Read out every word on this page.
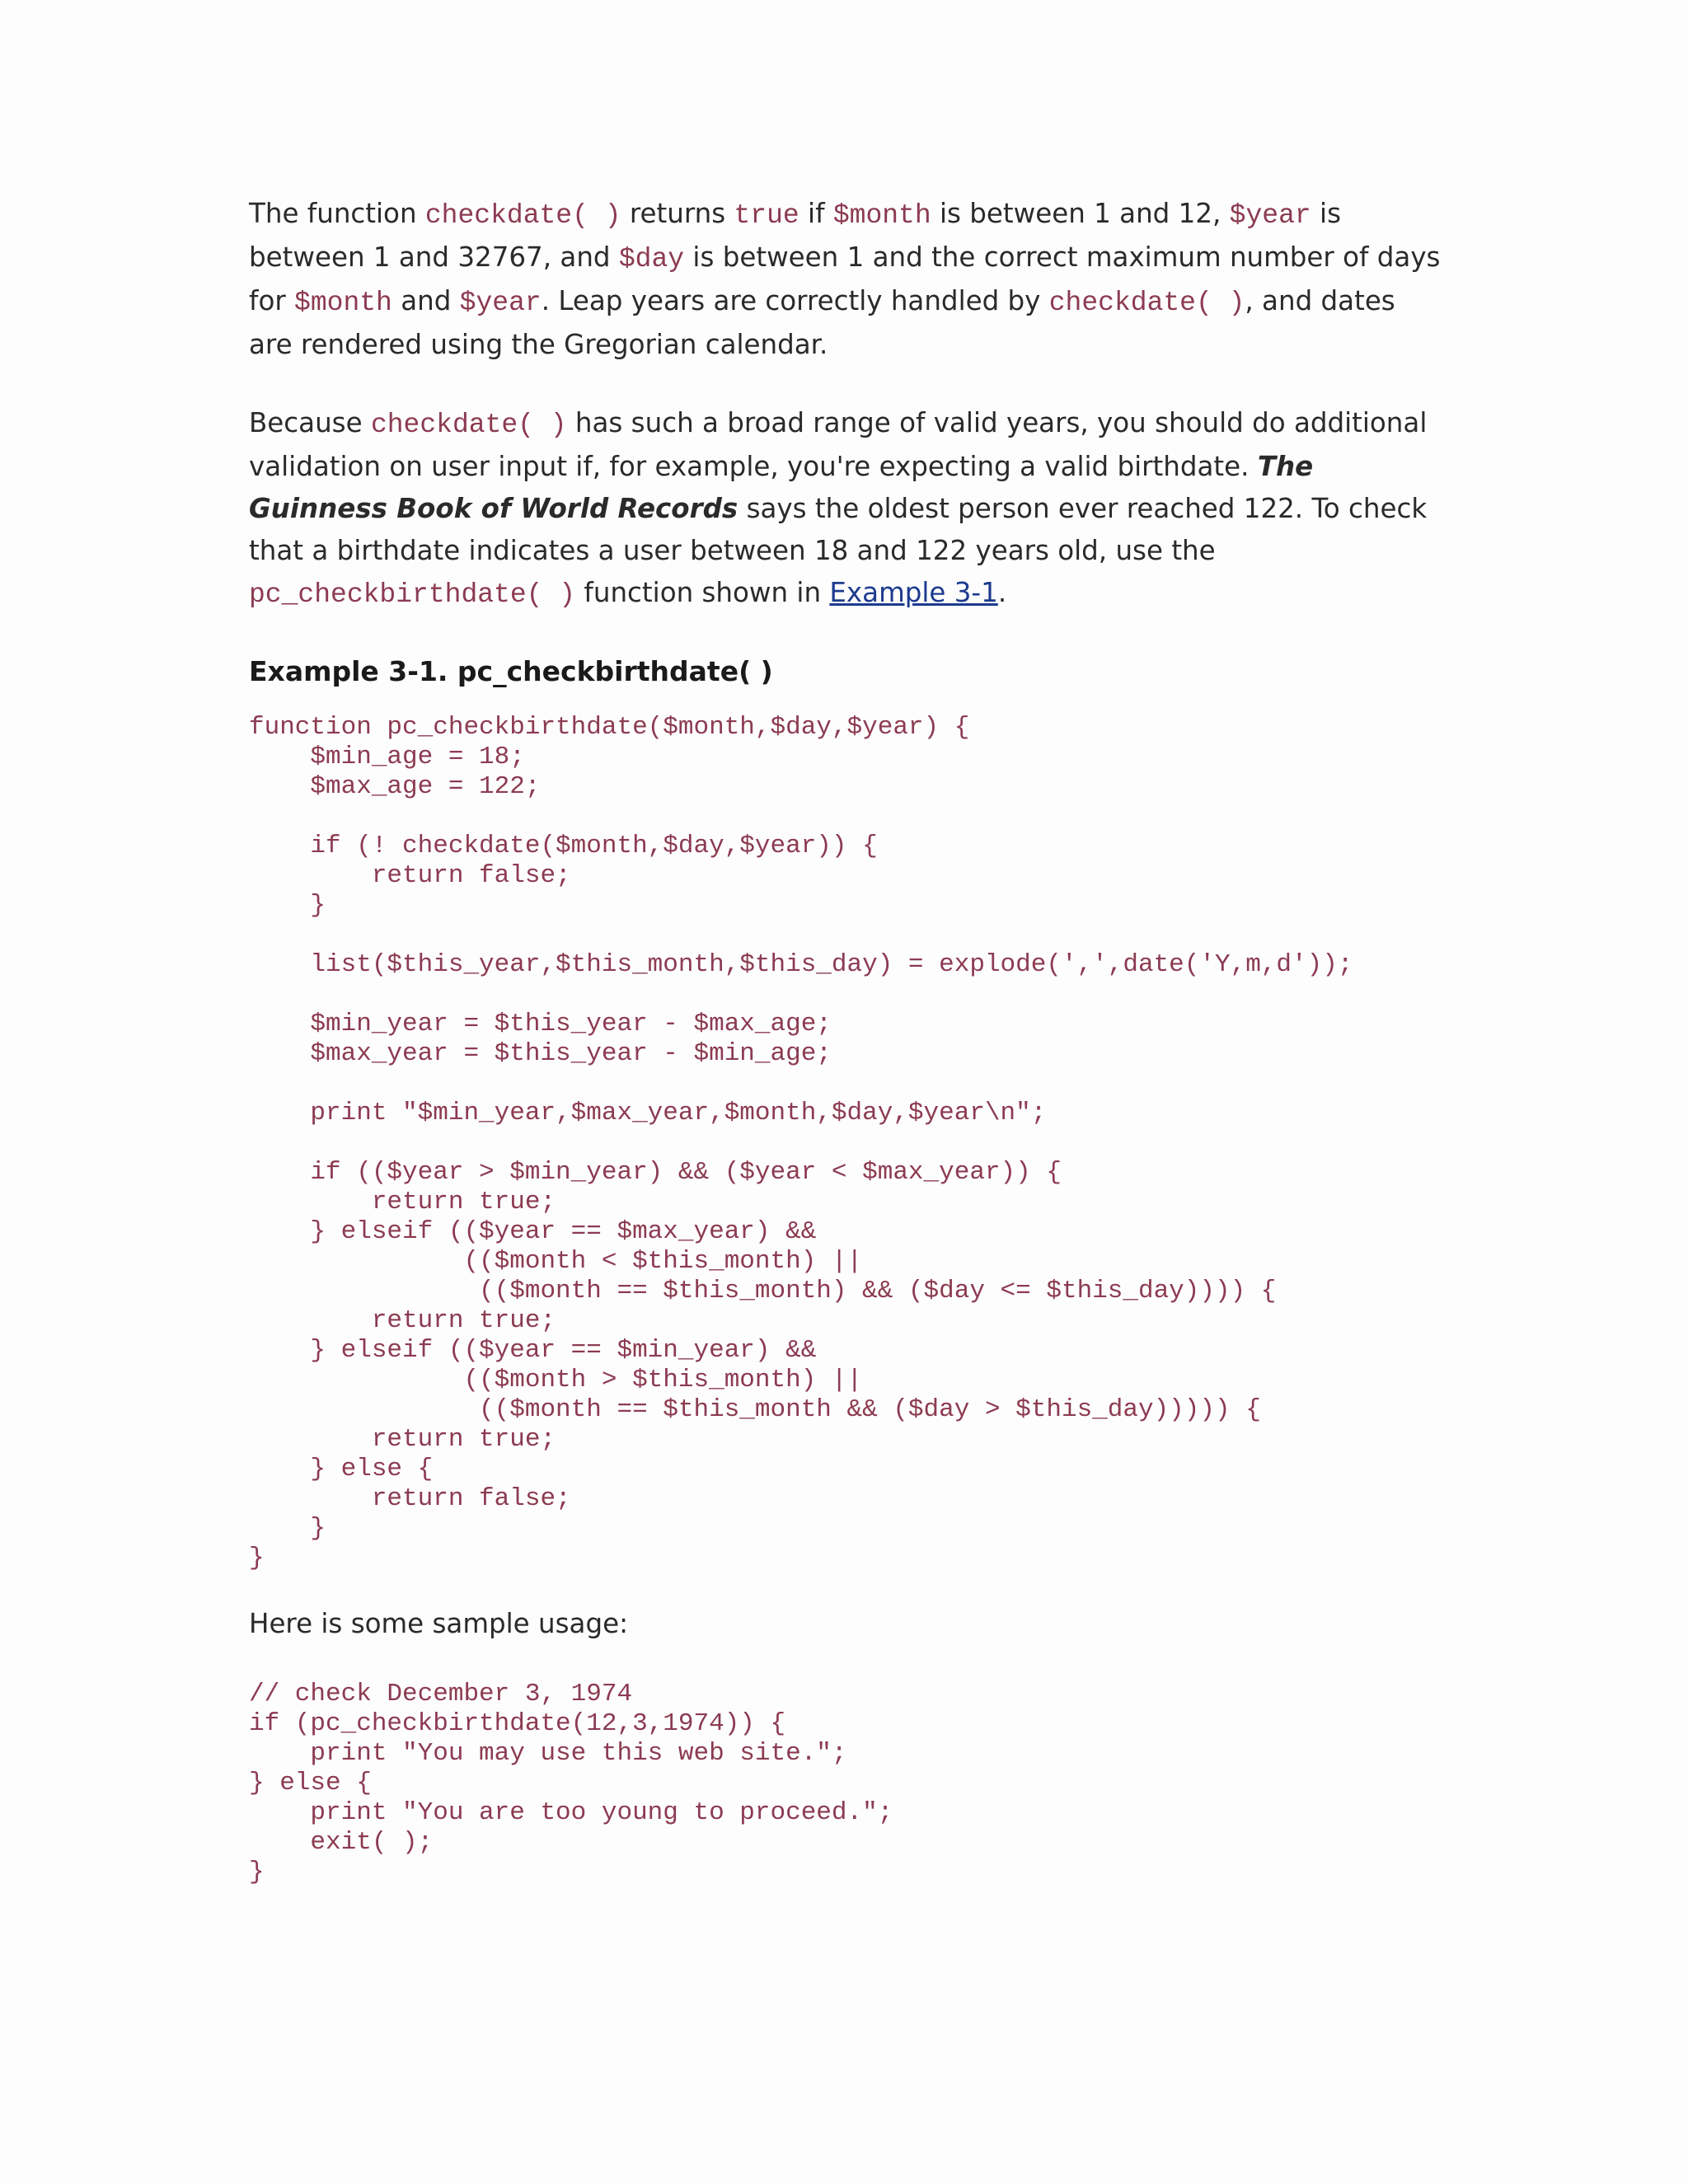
The function checkdate( ) returns true if $month is between 1 and 12, $year is between 1 and 32767, and $day is between 1 and the correct maximum number of days for $month and $year. Leap years are correctly handled by checkdate( ), and dates are rendered using the Gregorian calendar.

Because checkdate( ) has such a broad range of valid years, you should do additional validation on user input if, for example, you're expecting a valid birthdate. The Guinness Book of World Records says the oldest person ever reached 122. To check that a birthdate indicates a user between 18 and 122 years old, use the pc_checkbirthdate( ) function shown in Example 3-1.

Example 3-1. pc_checkbirthdate( )
function pc_checkbirthdate($month,$day,$year) {
$min_age = 18;
$max_age = 122;

if (! checkdate($month,$day,$year)) {
return false;
}

list($this_year,$this_month,$this_day) = explode(',',date('Y,m,d'));

$min_year = $this_year - $max_age;
$max_year = $this_year - $min_age;

print "$min_year,$max_year,$month,$day,$year\n";

if (($year > $min_year) && ($year < $max_year)) {
return true;
} elseif (($year == $max_year) &&
(($month < $this_month) ||
(($month == $this_month) && ($day <= $this_day)))) {
return true;
} elseif (($year == $min_year) &&
(($month > $this_month) ||
(($month == $this_month && ($day > $this_day))))) {
return true;
} else {
return false;
}
}

Here is some sample usage:

// check December 3, 1974
if (pc_checkbirthdate(12,3,1974)) {
print "You may use this web site.";
} else {
print "You are too young to proceed.";
exit( );
}
